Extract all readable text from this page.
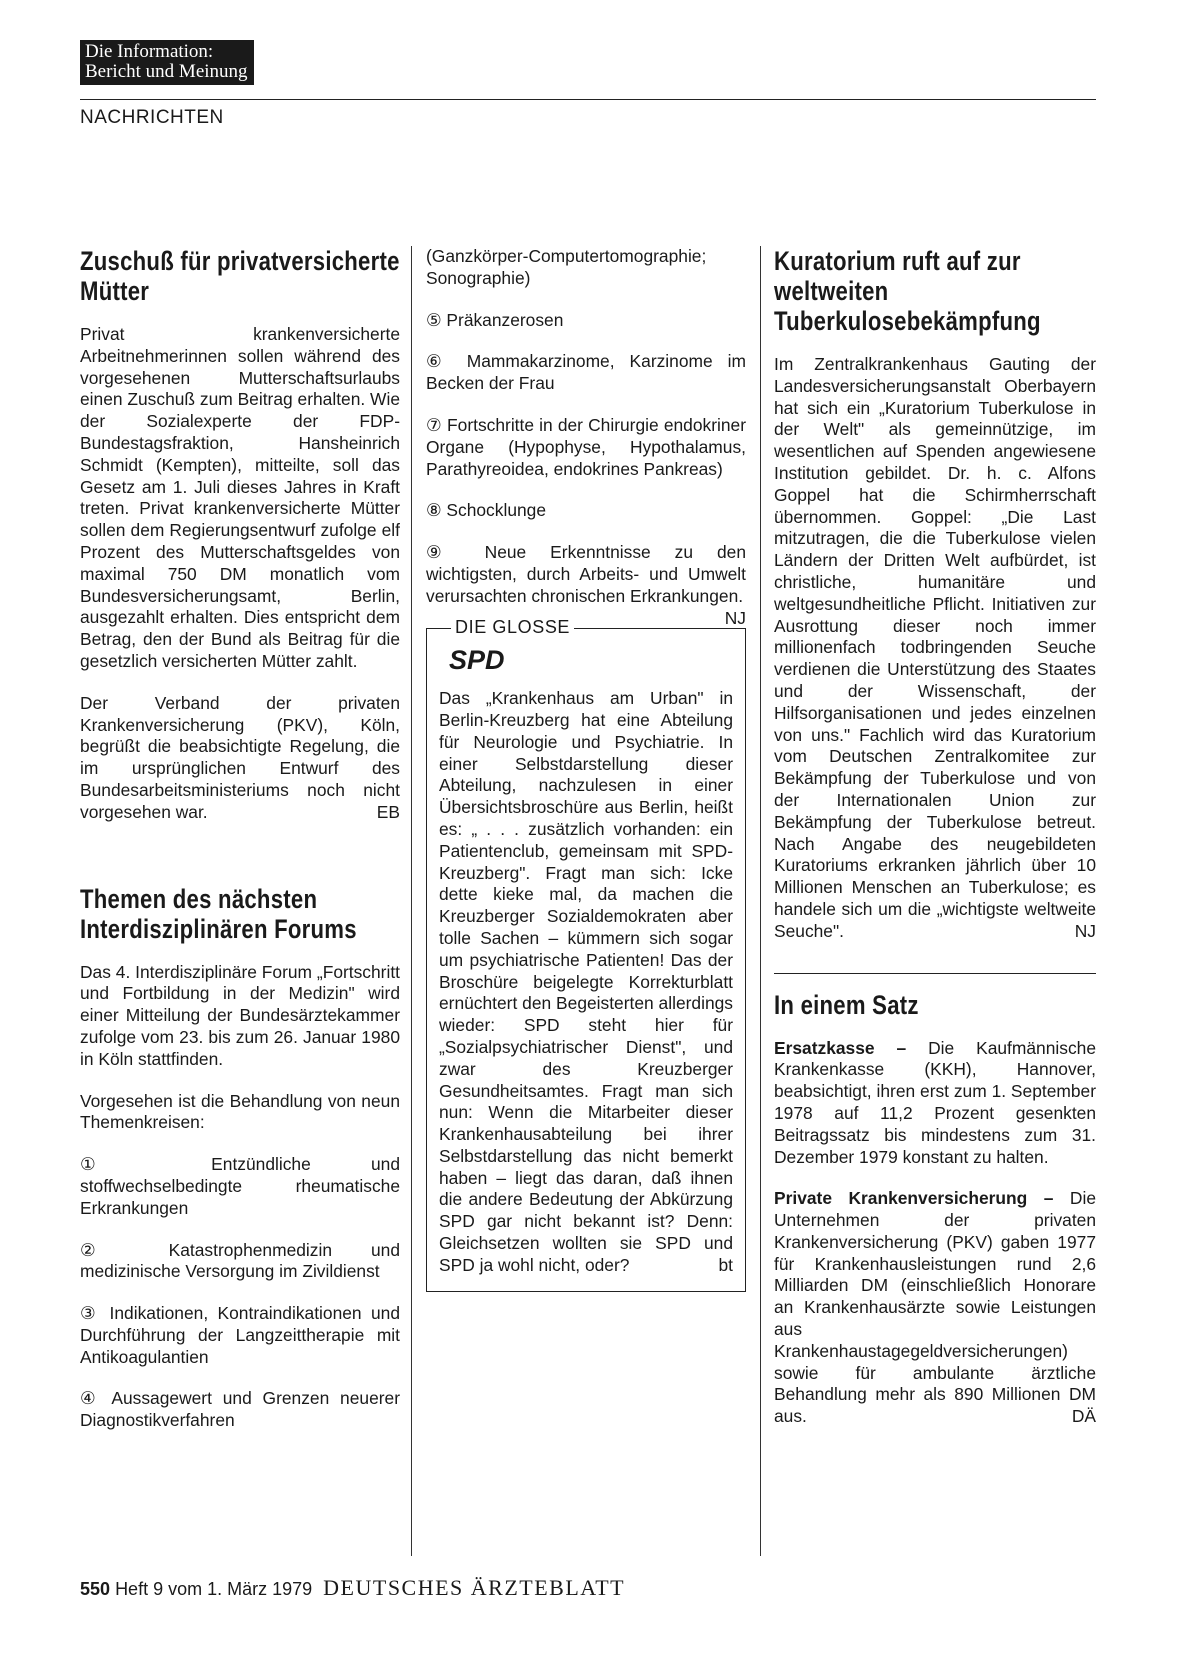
Die Information:
Bericht und Meinung
NACHRICHTEN
Zuschuß für privatversicherte Mütter

Privat krankenversicherte Arbeitnehmerinnen sollen während des vorgesehenen Mutterschaftsurlaubs einen Zuschuß zum Beitrag erhalten. Wie der Sozialexperte der FDP-Bundestagsfraktion, Hansheinrich Schmidt (Kempten), mitteilte, soll das Gesetz am 1. Juli dieses Jahres in Kraft treten. Privat krankenversicherte Mütter sollen dem Regierungsentwurf zufolge elf Prozent des Mutterschaftsgeldes von maximal 750 DM monatlich vom Bundesversicherungsamt, Berlin, ausgezahlt erhalten. Dies entspricht dem Betrag, den der Bund als Beitrag für die gesetzlich versicherten Mütter zahlt.

Der Verband der privaten Krankenversicherung (PKV), Köln, begrüßt die beabsichtigte Regelung, die im ursprünglichen Entwurf des Bundesarbeitsministeriums noch nicht vorgesehen war.	EB

Themen des nächsten Interdisziplinären Forums

Das 4. Interdisziplinäre Forum „Fortschritt und Fortbildung in der Medizin" wird einer Mitteilung der Bundesärztekammer zufolge vom 23. bis zum 26. Januar 1980 in Köln stattfinden.

Vorgesehen ist die Behandlung von neun Themenkreisen:

① Entzündliche und stoffwechselbedingte rheumatische Erkrankungen

② Katastrophenmedizin und medizinische Versorgung im Zivildienst

③ Indikationen, Kontraindikationen und Durchführung der Langzeittherapie mit Antikoagulantien

④ Aussagewert und Grenzen neuerer Diagnostikverfahren

(Ganzkörper-Computertomographie; Sonographie)

⑤ Präkanzerosen

⑥ Mammakarzinome, Karzinome im Becken der Frau

⑦ Fortschritte in der Chirurgie endokriner Organe (Hypophyse, Hypothalamus, Parathyreoidea, endokrines Pankreas)

⑧ Schocklunge

⑨ Neue Erkenntnisse zu den wichtigsten, durch Arbeits- und Umwelt verursachten chronischen Erkrankungen.
NJ

DIE GLOSSE
SPD

Das „Krankenhaus am Urban" in Berlin-Kreuzberg hat eine Abteilung für Neurologie und Psychiatrie. In einer Selbstdarstellung dieser Abteilung, nachzulesen in einer Übersichtsbroschüre aus Berlin, heißt es: „ . . . zusätzlich vorhanden: ein Patientenclub, gemeinsam mit SPD-Kreuzberg". Fragt man sich: Icke dette kieke mal, da machen die Kreuzberger Sozialdemokraten aber tolle Sachen – kümmern sich sogar um psychiatrische Patienten! Das der Broschüre beigelegte Korrekturblatt ernüchtert den Begeisterten allerdings wieder: SPD steht hier für „Sozialpsychiatrischer Dienst", und zwar des Kreuzberger Gesundheitsamtes. Fragt man sich nun: Wenn die Mitarbeiter dieser Krankenhausabteilung bei ihrer Selbstdarstellung das nicht bemerkt haben – liegt das daran, daß ihnen die andere Bedeutung der Abkürzung SPD gar nicht bekannt ist? Denn: Gleichsetzen wollten sie SPD und SPD ja wohl nicht, oder?	bt

Kuratorium ruft auf zur weltweiten Tuberkulosebekämpfung

Im Zentralkrankenhaus Gauting der Landesversicherungsanstalt Oberbayern hat sich ein „Kuratorium Tuberkulose in der Welt" als gemeinnützige, im wesentlichen auf Spenden angewiesene Institution gebildet. Dr. h. c. Alfons Goppel hat die Schirmherrschaft übernommen. Goppel: „Die Last mitzutragen, die die Tuberkulose vielen Ländern der Dritten Welt aufbürdet, ist christliche, humanitäre und weltgesundheitliche Pflicht. Initiativen zur Ausrottung dieser noch immer millionenfach todbringenden Seuche verdienen die Unterstützung des Staates und der Wissenschaft, der Hilfsorganisationen und jedes einzelnen von uns." Fachlich wird das Kuratorium vom Deutschen Zentralkomitee zur Bekämpfung der Tuberkulose und von der Internationalen Union zur Bekämpfung der Tuberkulose betreut. Nach Angabe des neugebildeten Kuratoriums erkranken jährlich über 10 Millionen Menschen an Tuberkulose; es handele sich um die „wichtigste weltweite Seuche".	NJ

In einem Satz

Ersatzkasse – Die Kaufmännische Krankenkasse (KKH), Hannover, beabsichtigt, ihren erst zum 1. September 1978 auf 11,2 Prozent gesenkten Beitragssatz bis mindestens zum 31. Dezember 1979 konstant zu halten.

Private Krankenversicherung – Die Unternehmen der privaten Krankenversicherung (PKV) gaben 1977 für Krankenhausleistungen rund 2,6 Milliarden DM (einschließlich Honorare an Krankenhausärzte sowie Leistungen aus Krankenhaustagegeldversicherungen) sowie für ambulante ärztliche Behandlung mehr als 890 Millionen DM aus.	DÄ

550 Heft 9 vom 1. März 1979 DEUTSCHES ÄRZTEBLATT
